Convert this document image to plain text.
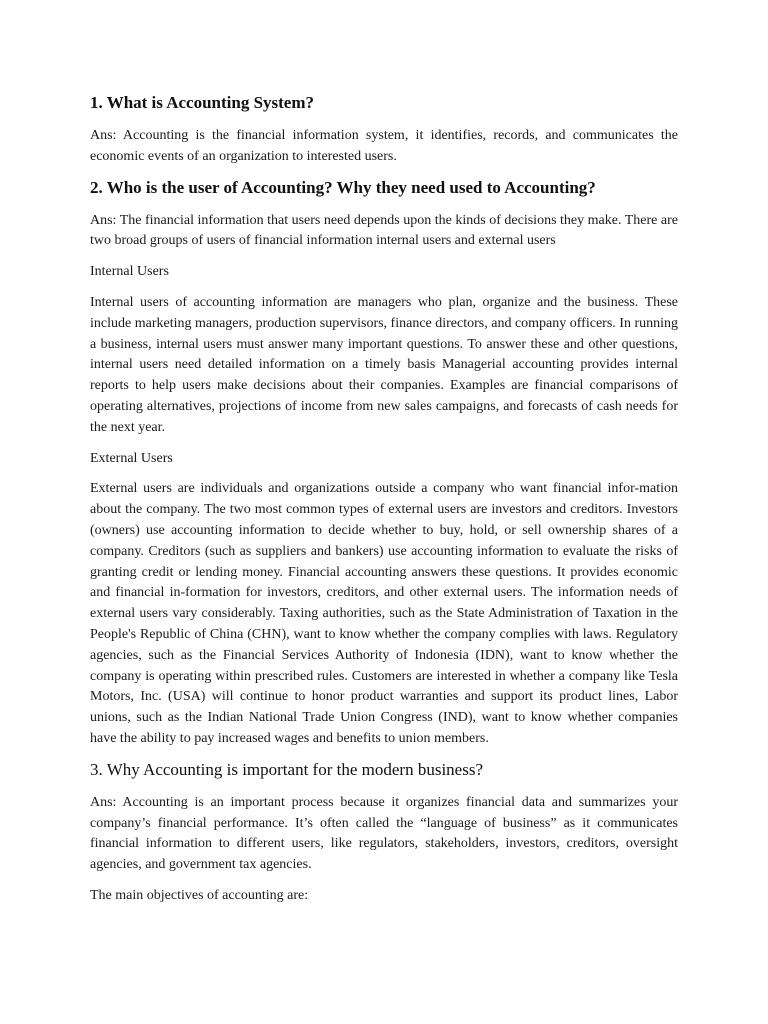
1. What is Accounting System?

Ans: Accounting is the financial information system, it identifies, records, and communicates the economic events of an organization to interested users.

2. Who is the user of Accounting? Why they need used to Accounting?

Ans: The financial information that users need depends upon the kinds of decisions they make. There are two broad groups of users of financial information internal users and external users

Internal Users

Internal users of accounting information are managers who plan, organize and the business. These include marketing managers, production supervisors, finance directors, and company officers. In running a business, internal users must answer many important questions. To answer these and other questions, internal users need detailed information on a timely basis Managerial accounting provides internal reports to help users make decisions about their companies. Examples are financial comparisons of operating alternatives, projections of income from new sales campaigns, and forecasts of cash needs for the next year.

External Users

External users are individuals and organizations outside a company who want financial infor-mation about the company. The two most common types of external users are investors and creditors. Investors (owners) use accounting information to decide whether to buy, hold, or sell ownership shares of a company. Creditors (such as suppliers and bankers) use accounting information to evaluate the risks of granting credit or lending money. Financial accounting answers these questions. It provides economic and financial in-formation for investors, creditors, and other external users. The information needs of external users vary considerably. Taxing authorities, such as the State Administration of Taxation in the People's Republic of China (CHN), want to know whether the company complies with laws. Regulatory agencies, such as the Financial Services Authority of Indonesia (IDN), want to know whether the company is operating within prescribed rules. Customers are interested in whether a company like Tesla Motors, Inc. (USA) will continue to honor product warranties and support its product lines, Labor unions, such as the Indian National Trade Union Congress (IND), want to know whether companies have the ability to pay increased wages and benefits to union members.

3. Why Accounting is important for the modern business?

Ans: Accounting is an important process because it organizes financial data and summarizes your company’s financial performance. It’s often called the “language of business” as it communicates financial information to different users, like regulators, stakeholders, investors, creditors, oversight agencies, and government tax agencies.

The main objectives of accounting are:
